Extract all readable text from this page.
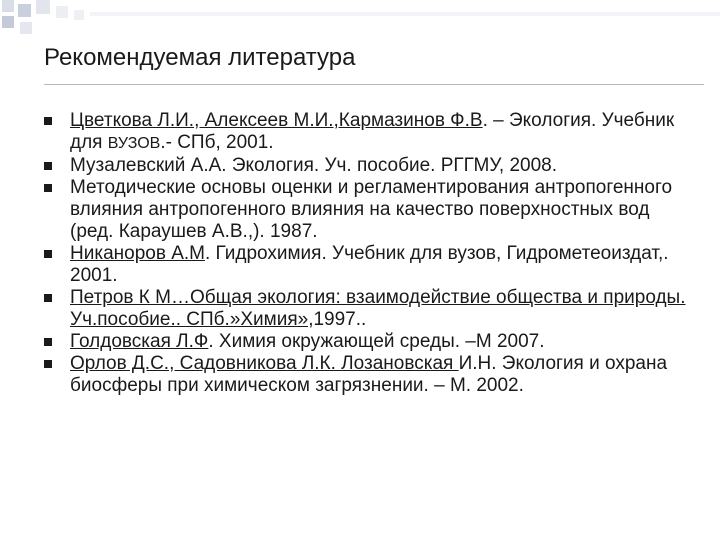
Рекомендуемая литература
Цветкова Л.И., Алексеев М.И.,Кармазинов Ф.В. – Экология. Учебник для ВУЗОВ.- СПб, 2001.
Музалевский А.А. Экология. Уч. пособие. РГГМУ, 2008.
Методические основы оценки и регламентирования антропогенного влияния антропогенного влияния на качество поверхностных вод (ред. Караушев А.В.,). 1987.
Никаноров А.М. Гидрохимия. Учебник для вузов, Гидрометеоиздат,. 2001.
Петров К М…Общая экология: взаимодействие общества и природы. Уч.пособие.. СПб.»Химия»,1997..
Голдовская Л.Ф. Химия окружающей среды. –М 2007.
Орлов Д.С., Садовникова Л.К. Лозановская И.Н. Экология и охрана биосферы при химическом загрязнении. – М. 2002.
